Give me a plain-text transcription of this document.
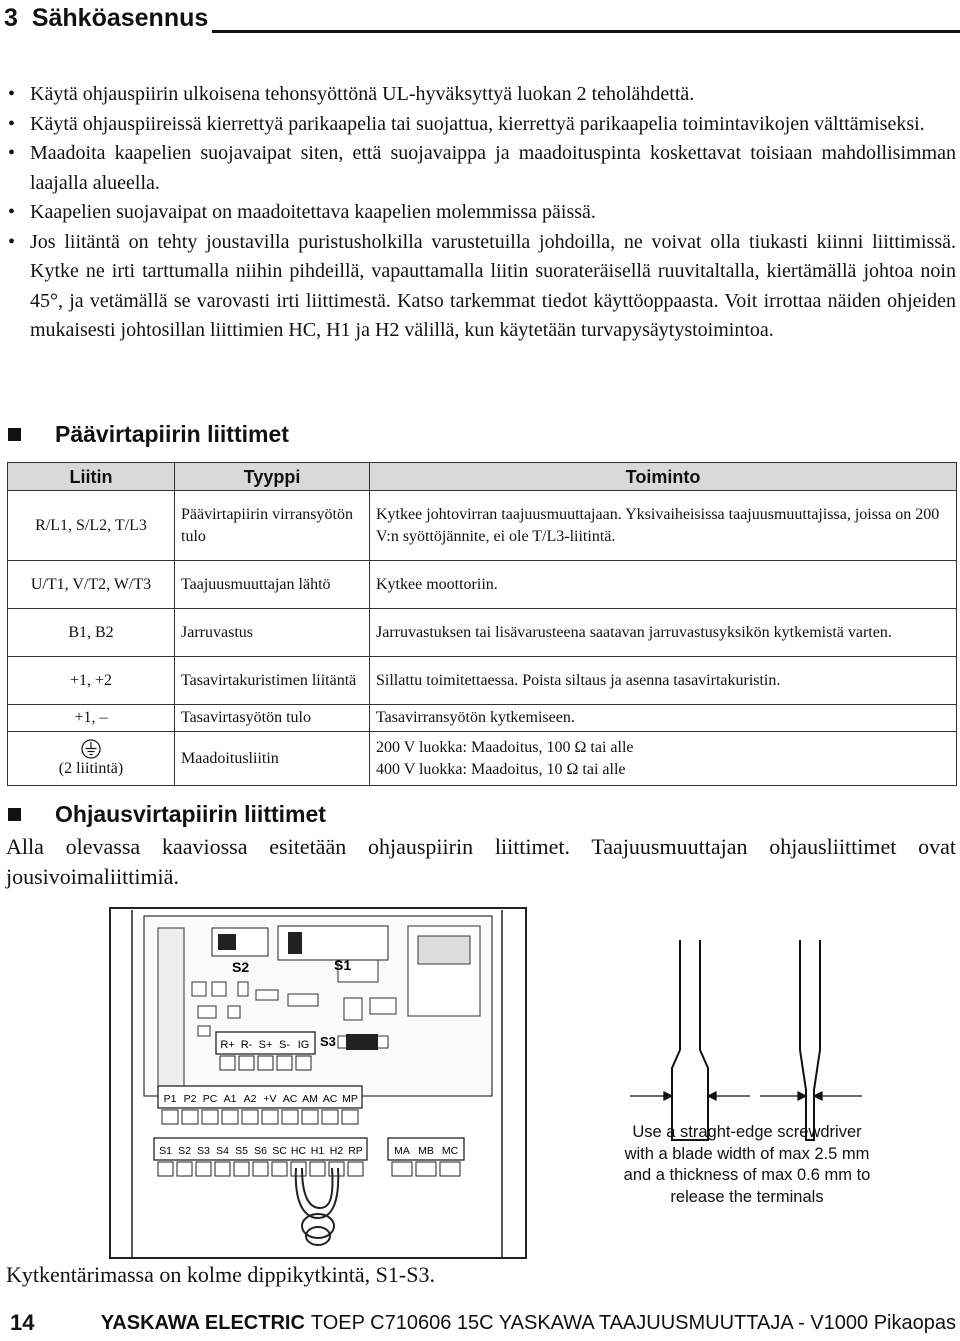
3 Sähköasennus
• Käytä ohjauspiirin ulkoisena tehonsyöttönä UL-hyväksyttyä luokan 2 teholähdettä.
• Käytä ohjauspiireissä kierrettyä parikaapelia tai suojattua, kierrettyä parikaapelia toimintavikojen välttämiseksi.
• Maadoita kaapelien suojavaipat siten, että suojavaippa ja maadoituspinta koskettavat toisiaan mahdollisimman laajalla alueella.
• Kaapelien suojavaipat on maadoitettava kaapelien molemmissa päissä.
• Jos liitäntä on tehty joustavilla puristusholkilla varustetuilla johdoilla, ne voivat olla tiukasti kiinni liittimissä. Kytke ne irti tarttumalla niihin pihdeillä, vapauttamalla liitin suorateräisellä ruuvitaltalla, kiertämällä johtoa noin 45°, ja vetämällä se varovasti irti liittimestä. Katso tarkemmat tiedot käyttöoppaasta. Voit irrottaa näiden ohjeiden mukaisesti johtosillan liittimien HC, H1 ja H2 välillä, kun käytetään turvapysäytystoimintoa.
Päävirtapiirin liittimet
Liitin	Tyyppi	Toiminto
R/L1, S/L2, T/L3	Päävirtapiirin virransyötön tulo	Kytkee johtovirran taajuusmuuttajaan. Yksivaiheisissa taajuusmuuttajissa, joissa on 200 V:n syöttöjännite, ei ole T/L3-liitintä.
U/T1, V/T2, W/T3	Taajuusmuuttajan lähtö	Kytkee moottoriin.
B1, B2	Jarruvastus	Jarruvastuksen tai lisävarusteena saatavan jarruvastusyksikön kytkemistä varten.
+1, +2	Tasavirtakuristimen liitäntä	Sillattu toimitettaessa. Poista siltaus ja asenna tasavirtakuristin.
+1, –	Tasavirtasyötön tulo	Tasavirransyötön kytkemiseen.

(2 liitintä)	Maadoitusliitin	200 V luokka: Maadoitus, 100 Ω tai alle
400 V luokka: Maadoitus, 10 Ω tai alle
Ohjausvirtapiirin liittimet

Alla olevassa kaaviossa esitetään ohjauspiirin liittimet. Taajuusmuuttajan ohjausliittimet ovat jousivoimaliittimiä.

S2	S1
R+ R- S+ S- IG S3
P1 P2 PC A1 A2 +V AC AM AC MP
S1 S2 S3 S4 S5 S6 SC HC H1 H2 RP	MA MB MC
Use a straght-edge screwdriver
with a blade width of max 2.5 mm
and a thickness of max 0.6 mm to
release the terminals
Kytkentärimassa on kolme dippikytkintä, S1-S3.
14	YASKAWA ELECTRIC TOEP C710606 15C YASKAWA TAAJUUSMUUTTAJA - V1000 Pikaopas
